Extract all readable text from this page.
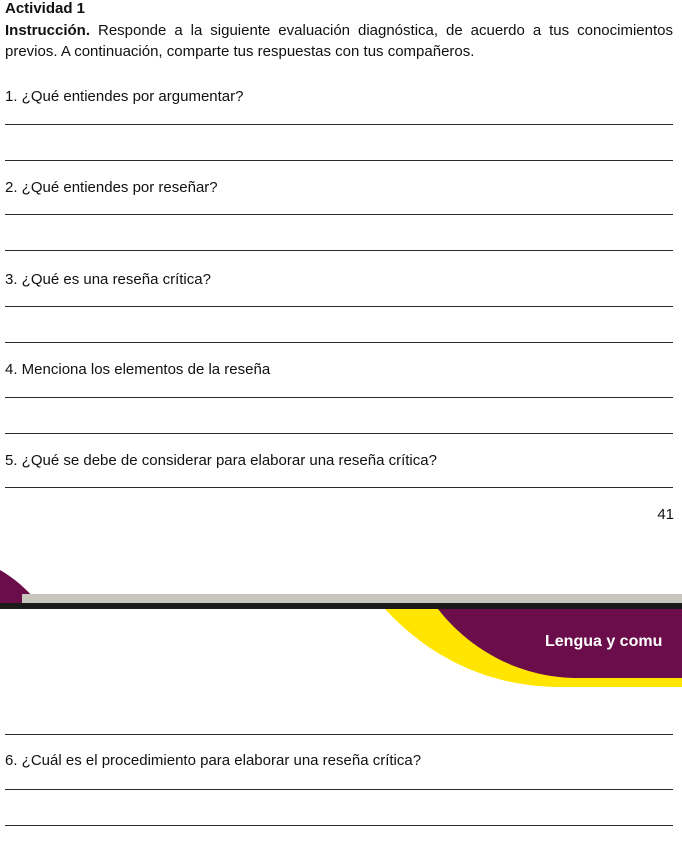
Actividad 1
Instrucción. Responde a la siguiente evaluación diagnóstica, de acuerdo a tus conocimientos previos. A continuación, comparte tus respuestas con tus compañeros.
1. ¿Qué entiendes por argumentar?
2. ¿Qué entiendes por reseñar?
3. ¿Qué es una reseña crítica?
4. Menciona los elementos de la reseña
5. ¿Qué se debe de considerar para elaborar una reseña crítica?
41
Lengua y comu
6. ¿Cuál es el procedimiento para elaborar una reseña crítica?
